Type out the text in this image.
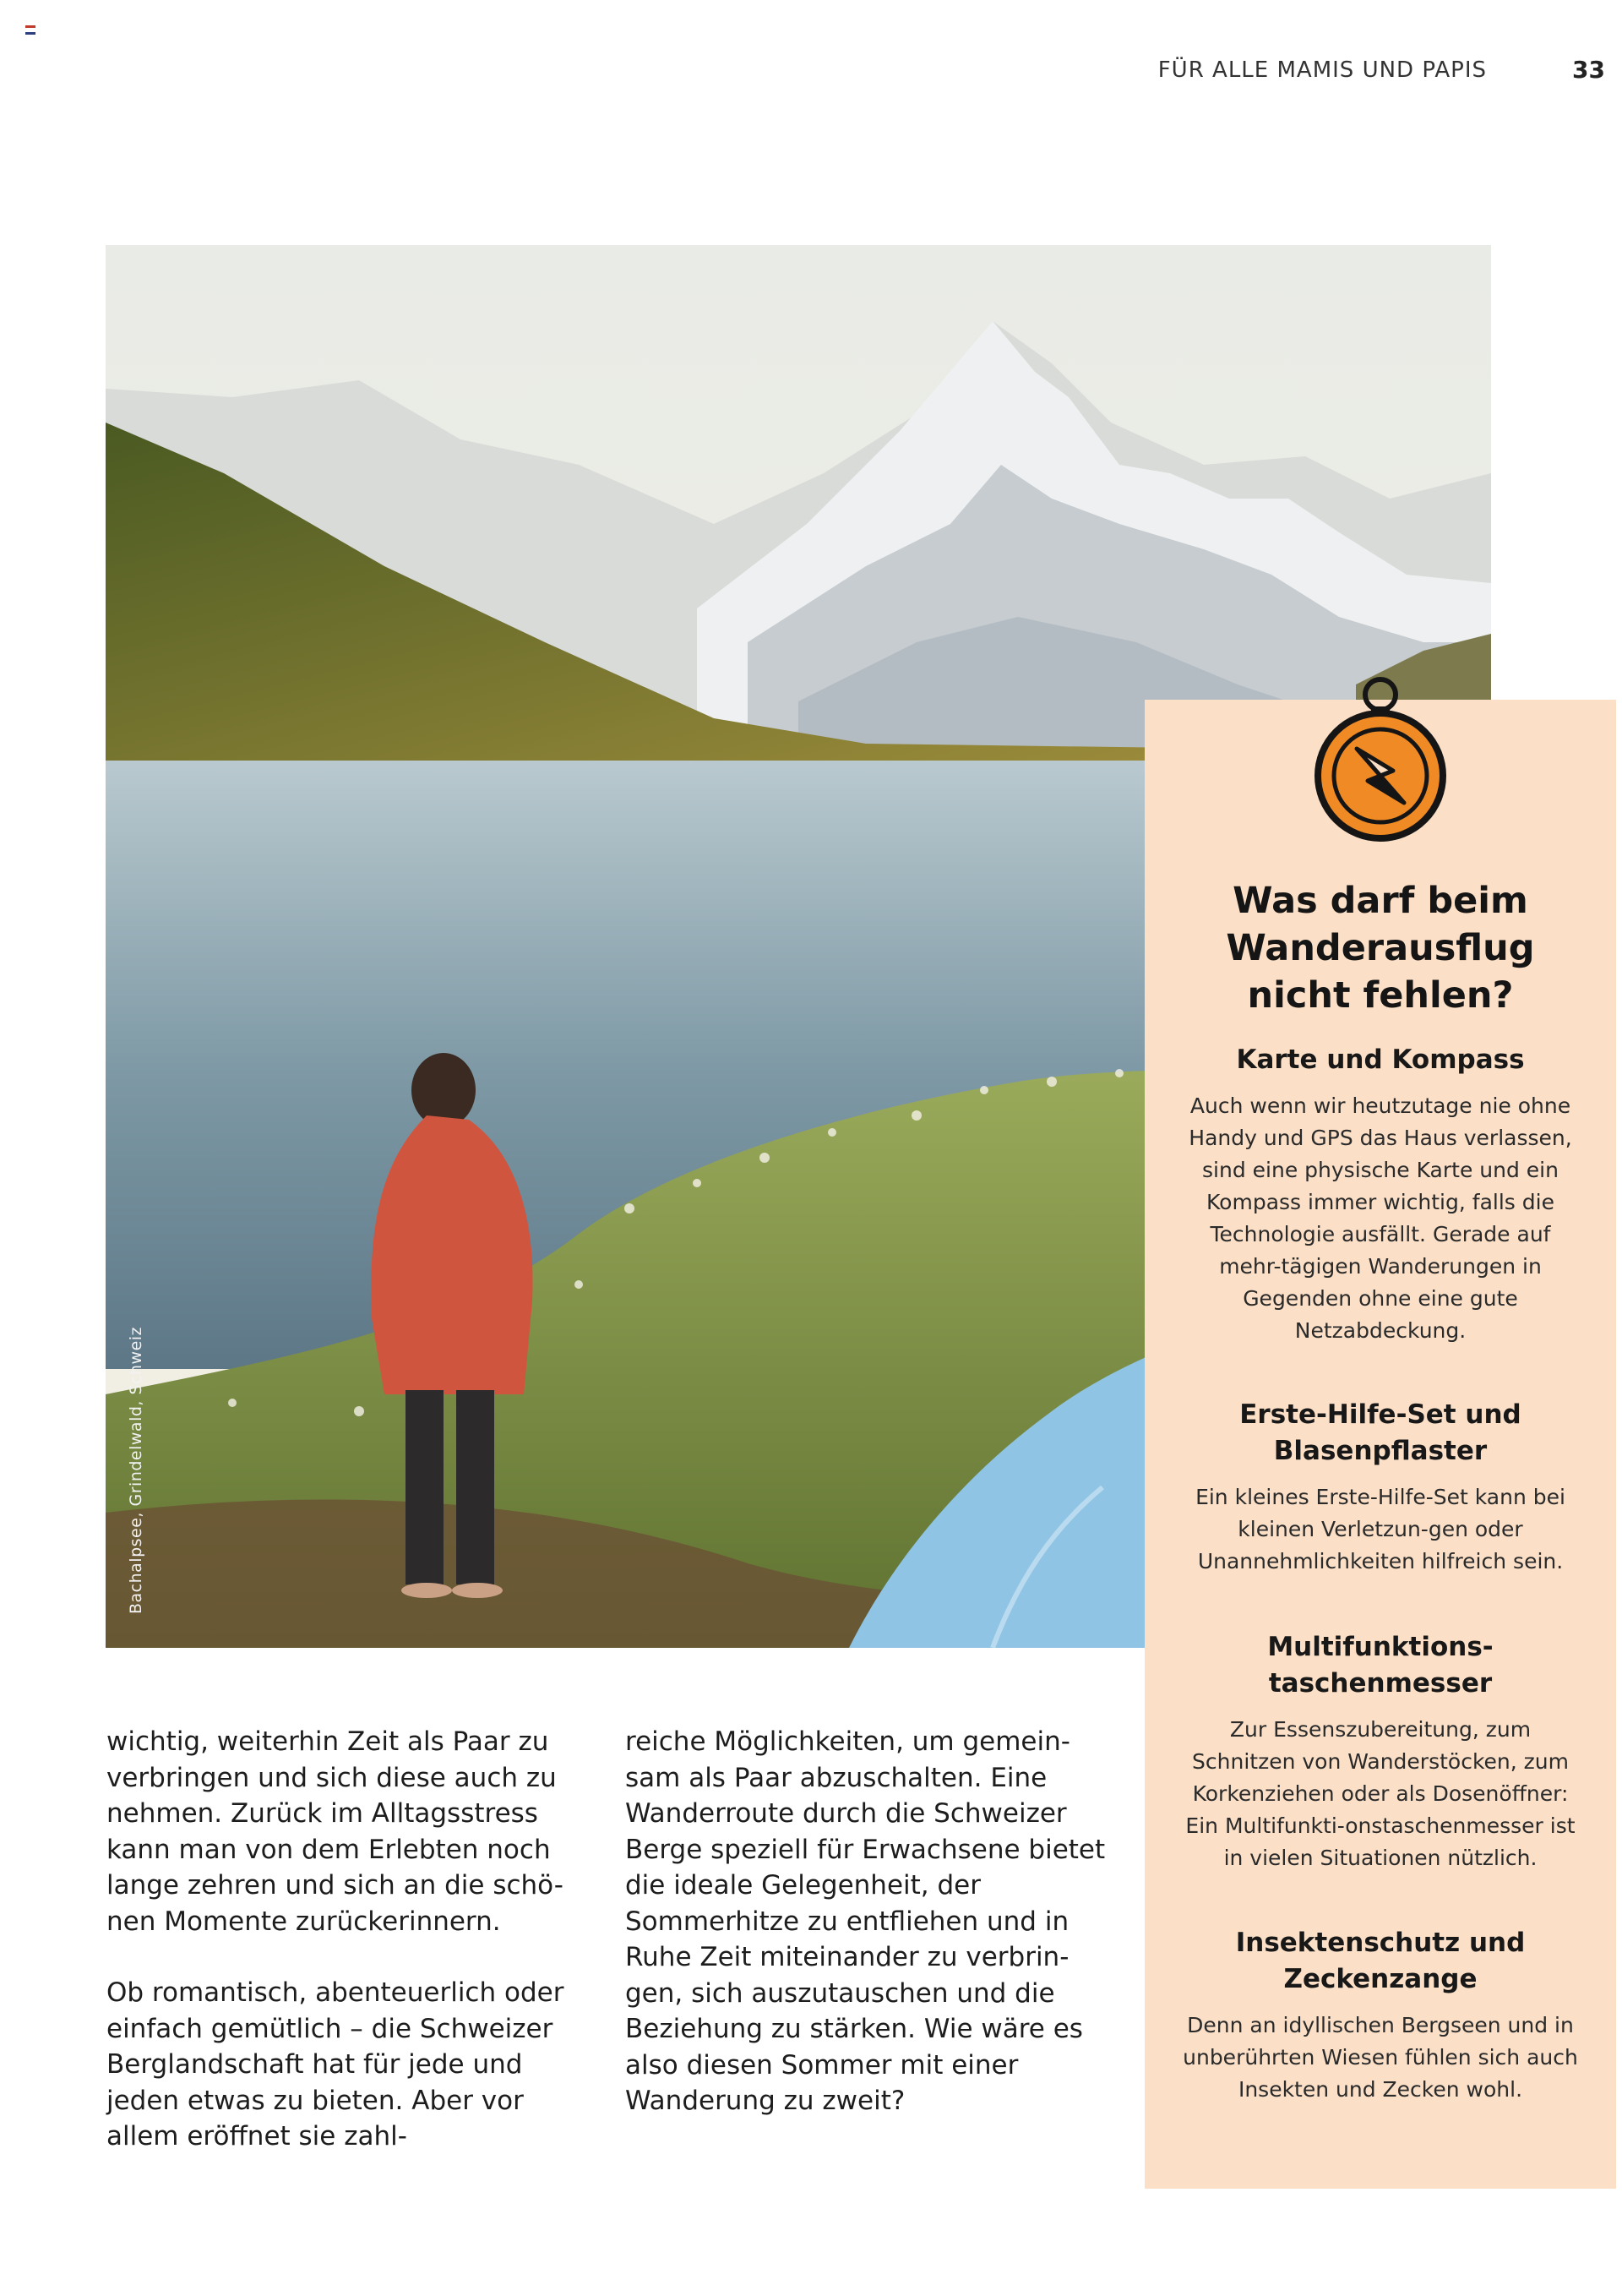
FÜR ALLE MAMIS UND PAPIS	33
Bachalpsee, Grindelwald, Schweiz

wichtig, weiterhin Zeit als Paar zu verbringen und sich diese auch zu nehmen. Zurück im Alltagsstress kann man von dem Erlebten noch lange zehren und sich an die schö-nen Momente zurückerinnern.

Ob romantisch, abenteuerlich oder einfach gemütlich – die Schweizer Berglandschaft hat für jede und jeden etwas zu bieten. Aber vor allem eröffnet sie zahl-

reiche Möglichkeiten, um gemein-sam als Paar abzuschalten. Eine Wanderroute durch die Schweizer Berge speziell für Erwachsene bietet die ideale Gelegenheit, der Sommerhitze zu entfliehen und in Ruhe Zeit miteinander zu verbrin-gen, sich auszutauschen und die Beziehung zu stärken. Wie wäre es also diesen Sommer mit einer Wanderung zu zweit?

Was darf beim Wanderausflug nicht fehlen?
Karte und Kompass

Auch wenn wir heutzutage nie ohne Handy und GPS das Haus verlassen, sind eine physische Karte und ein Kompass immer wichtig, falls die Technologie ausfällt. Gerade auf mehr-tägigen Wanderungen in Gegenden ohne eine gute Netzabdeckung.

Erste-Hilfe-Set und Blasenpflaster

Ein kleines Erste-Hilfe-Set kann bei kleinen Verletzun-gen oder Unannehmlichkeiten hilfreich sein.

Multifunktions-taschenmesser

Zur Essenszubereitung, zum Schnitzen von Wanderstöcken, zum Korkenziehen oder als Dosenöffner: Ein Multifunkti-onstaschenmesser ist in vielen Situationen nützlich.

Insektenschutz und Zeckenzange

Denn an idyllischen Bergseen und in unberührten Wiesen fühlen sich auch Insekten und Zecken wohl.
